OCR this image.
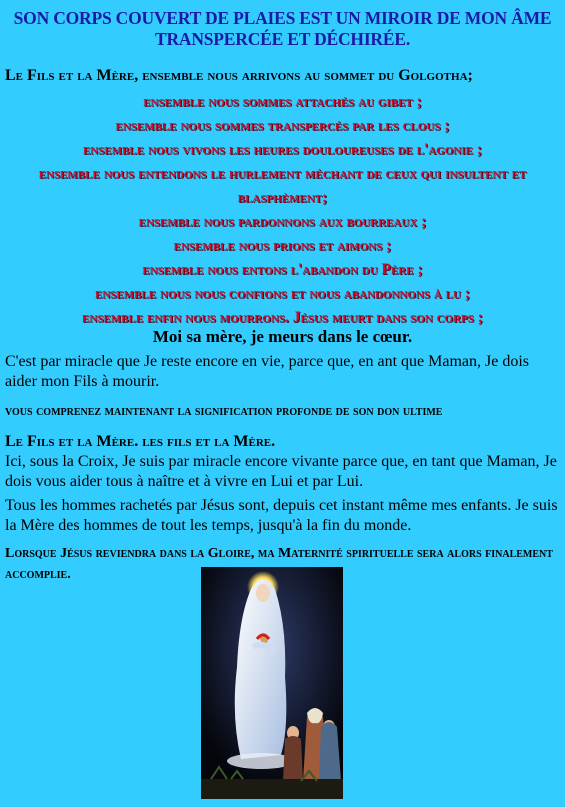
SON CORPS COUVERT DE PLAIES EST UN MIROIR DE MON ÂME
TRANSPERCÉE ET DÉCHIRÉE.
Le Fils et la Mère, ensemble nous arrivons au sommet du Golgotha;
ensemble nous sommes attachés au gibet ;
ensemble nous sommes transpercés par les clous ;
ensemble nous vivons les heures douloureuses de l'agonie ;
ensemble nous entendons le hurlement méchant de ceux qui insultent et blasphèment;
ensemble nous pardonnons aux bourreaux ;
ensemble nous prions et aimons ;
ensemble nous entons l'abandon du Père ;
ensemble nous nous confions et nous abandonnons à lu ;
ensemble enfin nous mourrons. Jésus meurt dans son corps ;
Moi sa mère, je meurs dans le cœur.
C'est par miracle que Je reste encore en vie, parce que, en ant que Maman, Je dois aider mon Fils à mourir.
vous comprenez maintenant la signification profonde de son don ultime
Le Fils et la Mère. les fils et la Mère.
Ici, sous la Croix, Je suis par miracle encore vivante parce que, en tant que Maman, Je dois vous aider tous à naître et à vivre en Lui et par Lui.
Tous les hommes rachetés par Jésus sont, depuis cet instant même mes enfants. Je suis la Mère des hommes de tout les temps, jusqu'à la fin du monde.
Lorsque Jésus reviendra dans la Gloire, ma Maternité spirituelle sera alors finalement accomplie.
